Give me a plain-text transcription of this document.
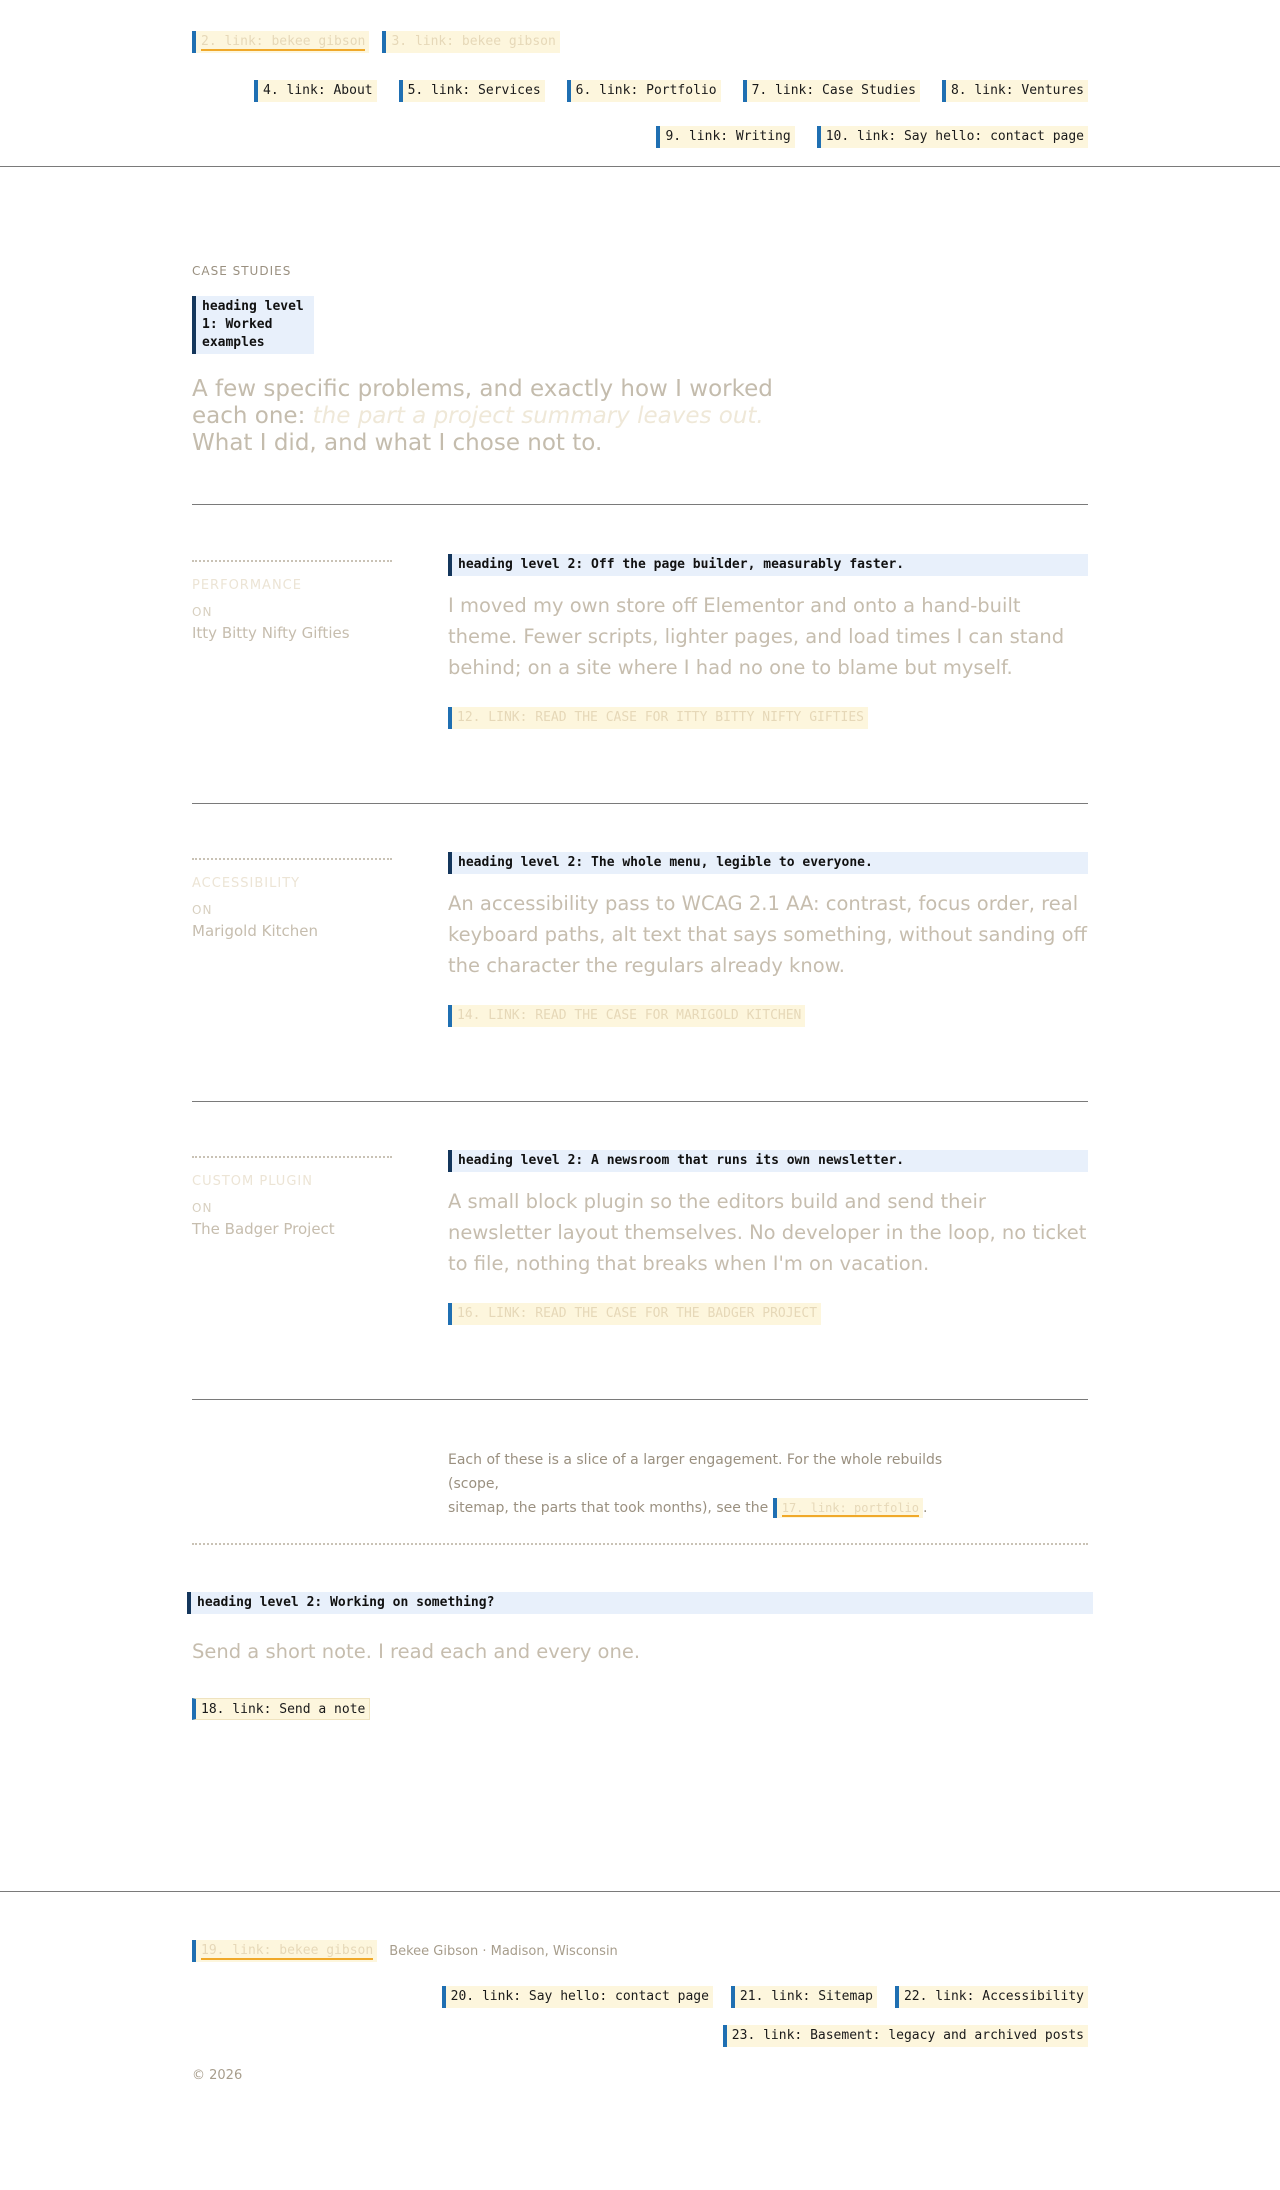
2. link: bekee gibson 3. link: bekee gibson
4. link: About	5. link: Services	6. link: Portfolio	7. link: Case Studies	8. link: Ventures
9. link: Writing	10. link: Say hello: contact page
CASE STUDIES
heading level 1: Worked examples

A few specific problems, and exactly how I worked each one: the part a project summary leaves out. What I did, and what I chose not to.

PERFORMANCE
ON
Itty Bitty Nifty Gifties
heading level 2: Off the page builder, measurably faster.

I moved my own store off Elementor and onto a hand-built theme. Fewer scripts, lighter pages, and load times I can stand behind; on a site where I had no one to blame but myself.

12. LINK: READ THE CASE FOR ITTY BITTY NIFTY GIFTIES
ACCESSIBILITY
ON
Marigold Kitchen
heading level 2: The whole menu, legible to everyone.

An accessibility pass to WCAG 2.1 AA: contrast, focus order, real keyboard paths, alt text that says something, without sanding off the character the regulars already know.

14. LINK: READ THE CASE FOR MARIGOLD KITCHEN
CUSTOM PLUGIN
ON
The Badger Project
heading level 2: A newsroom that runs its own newsletter.

A small block plugin so the editors build and send their newsletter layout themselves. No developer in the loop, no ticket to file, nothing that breaks when I'm on vacation.

16. LINK: READ THE CASE FOR THE BADGER PROJECT
Each of these is a slice of a larger engagement. For the whole rebuilds (scope,
sitemap, the parts that took months), see the 17. link: portfolio .
heading level 2: Working on something?

Send a short note. I read each and every one.

18. link: Send a note
19. link: bekee gibson	Bekee Gibson · Madison, Wisconsin
20. link: Say hello: contact page	21. link: Sitemap	22. link: Accessibility
23. link: Basement: legacy and archived posts
© 2026
